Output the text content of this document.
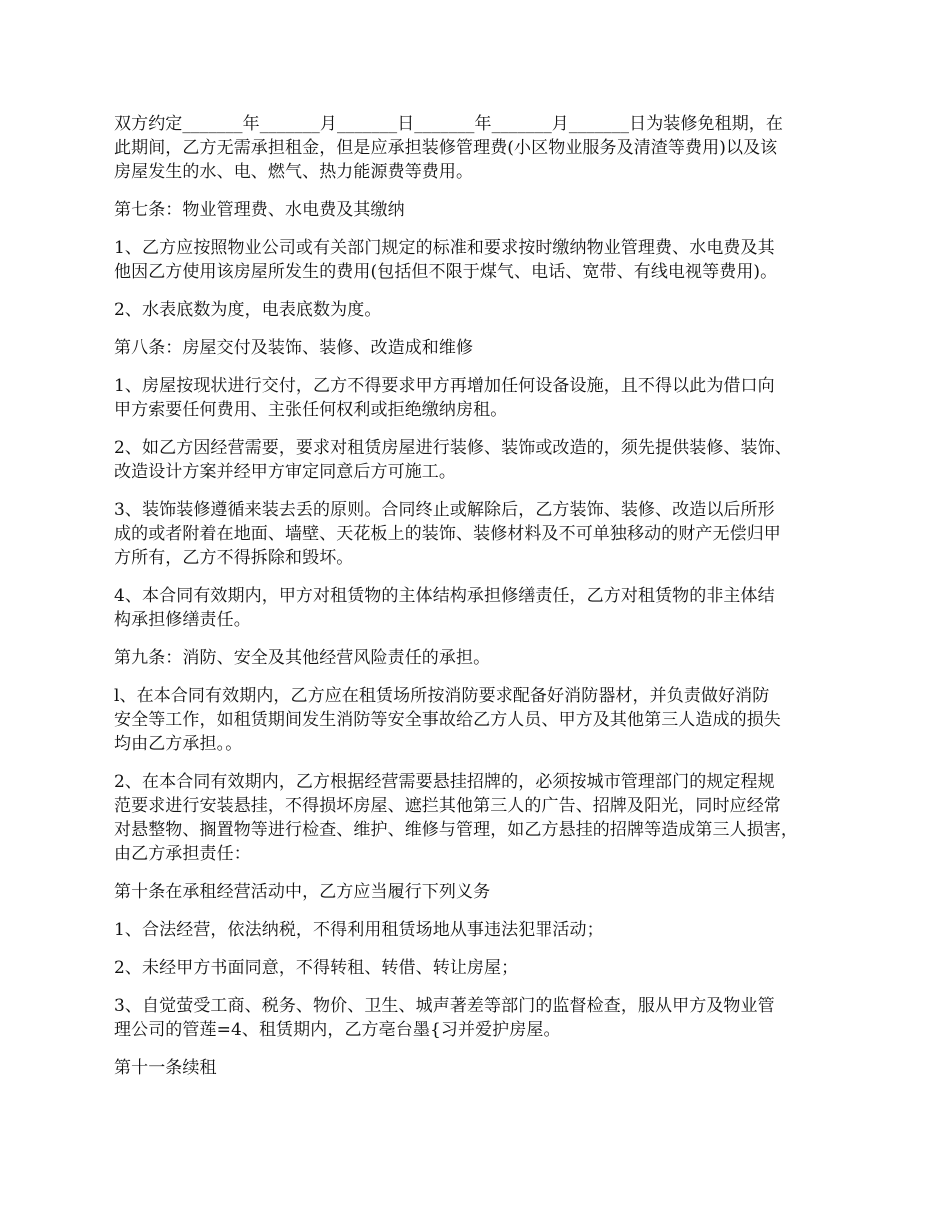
双方约定_______年_______月_______日_______年_______月_______日为装修免租期，在
此期间，乙方无需承担租金，但是应承担装修管理费(小区物业服务及清渣等费用)以及该
房屋发生的水、电、燃气、热力能源费等费用。
第七条：物业管理费、水电费及其缴纳
1、乙方应按照物业公司或有关部门规定的标准和要求按时缴纳物业管理费、水电费及其
他因乙方使用该房屋所发生的费用(包括但不限于煤气、电话、宽带、有线电视等费用)。
2、水表底数为度，电表底数为度。
第八条：房屋交付及装饰、装修、改造成和维修
1、房屋按现状进行交付，乙方不得要求甲方再增加任何设备设施，且不得以此为借口向
甲方索要任何费用、主张任何权利或拒绝缴纳房租。
2、如乙方因经营需要，要求对租赁房屋进行装修、装饰或改造的，须先提供装修、装饰、
改造设计方案并经甲方审定同意后方可施工。
3、装饰装修遵循来装去丢的原则。合同终止或解除后，乙方装饰、装修、改造以后所形
成的或者附着在地面、墙壁、天花板上的装饰、装修材料及不可单独移动的财产无偿归甲
方所有，乙方不得拆除和毁坏。
4、本合同有效期内，甲方对租赁物的主体结构承担修缮责任，乙方对租赁物的非主体结
构承担修缮责任。
第九条：消防、安全及其他经营风险责任的承担。
l、在本合同有效期内，乙方应在租赁场所按消防要求配备好消防器材，并负责做好消防
安全等工作，如租赁期间发生消防等安全事故给乙方人员、甲方及其他第三人造成的损失
均由乙方承担。。
2、在本合同有效期内，乙方根据经营需要悬挂招牌的，必须按城市管理部门的规定程规
范要求进行安装悬挂，不得损坏房屋、遮拦其他第三人的广告、招牌及阳光，同时应经常
对悬整物、搁置物等进行检查、维护、维修与管理，如乙方悬挂的招牌等造成第三人损害，
由乙方承担责任：
第十条在承租经营活动中，乙方应当履行下列义务
1、合法经营，依法纳税，不得利用租赁场地从事违法犯罪活动；
2、未经甲方书面同意，不得转租、转借、转让房屋；
3、自觉萤受工商、税务、物价、卫生、城声著差等部门的监督检查，服从甲方及物业管
理公司的管莲=4、租赁期内，乙方亳台墨{习并爱护房屋。
第十一条续租
